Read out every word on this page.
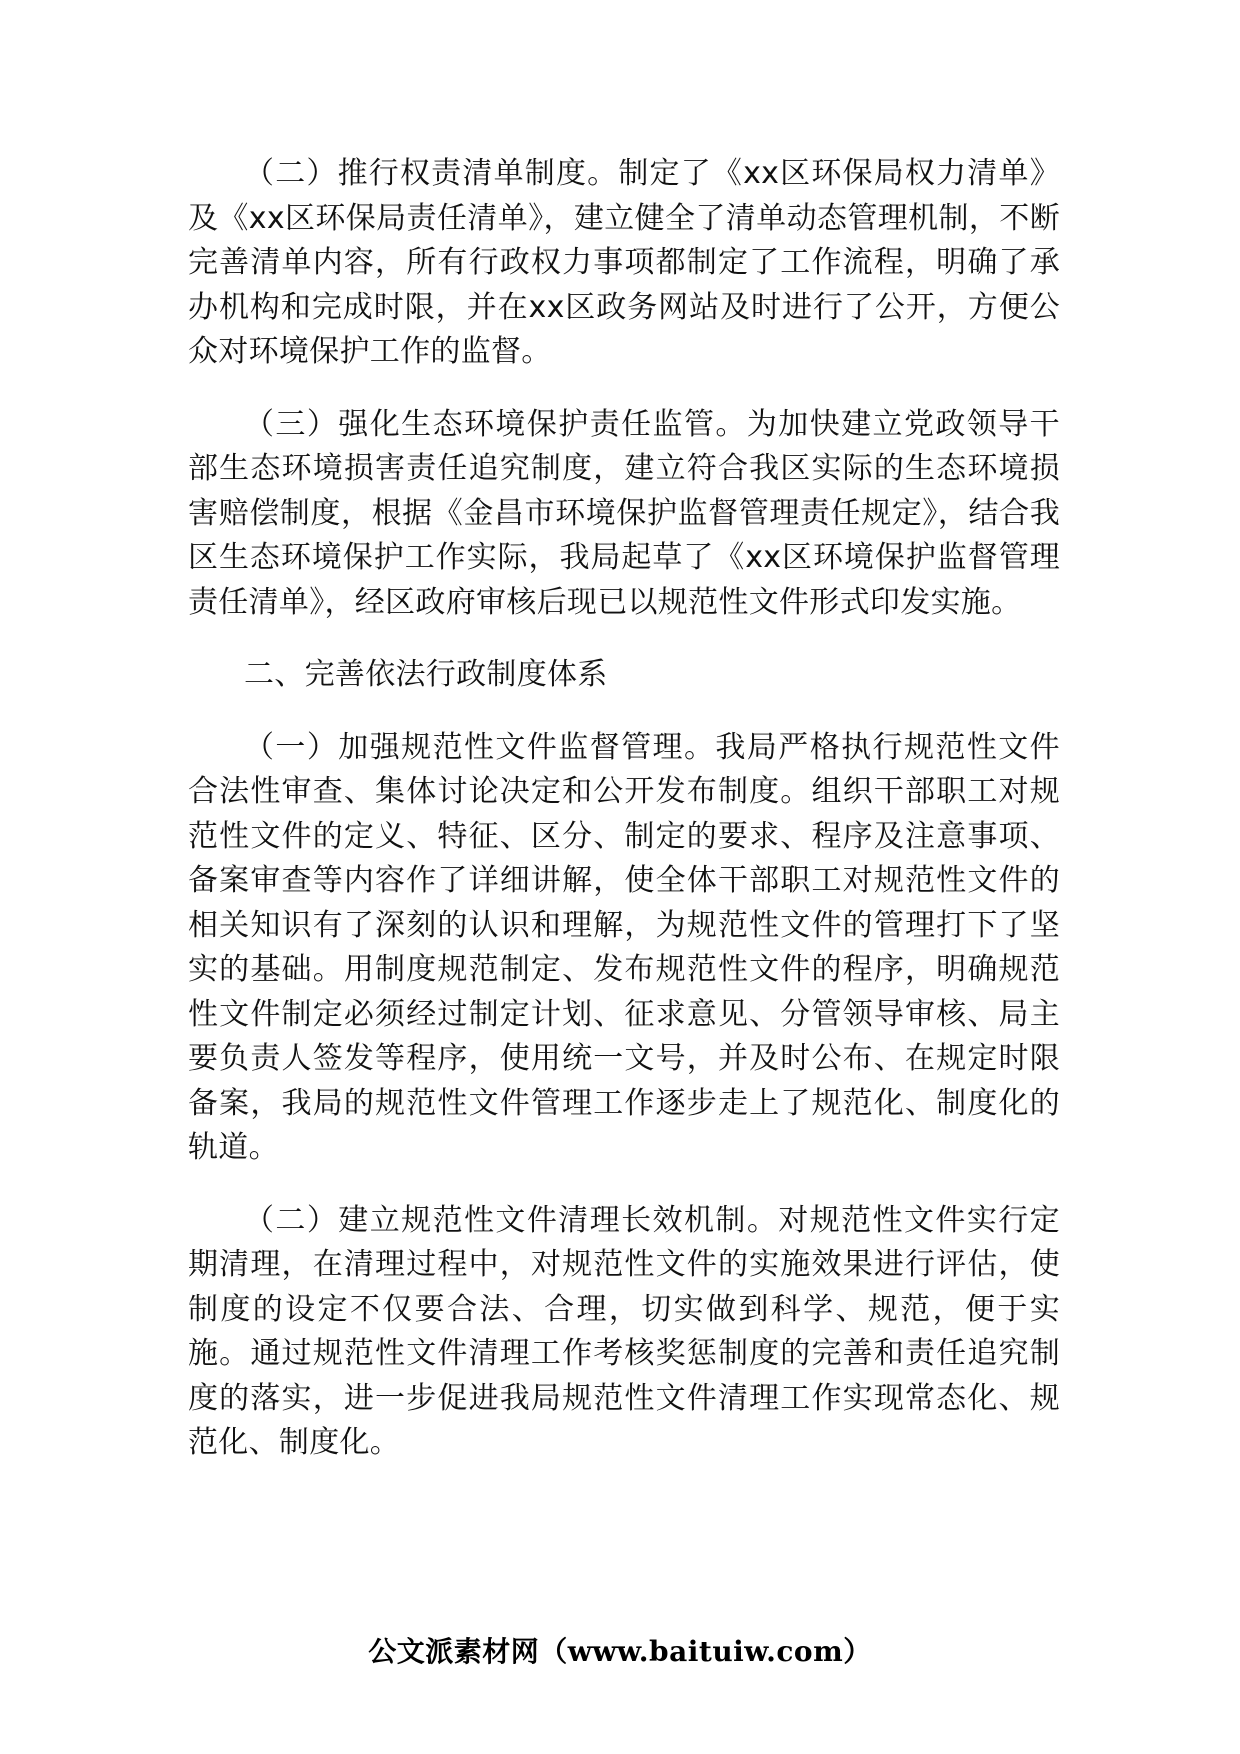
（二）推行权责清单制度。制定了《xx区环保局权力清单》及《xx区环保局责任清单》，建立健全了清单动态管理机制，不断完善清单内容，所有行政权力事项都制定了工作流程，明确了承办机构和完成时限，并在xx区政务网站及时进行了公开，方便公众对环境保护工作的监督。

（三）强化生态环境保护责任监管。为加快建立党政领导干部生态环境损害责任追究制度，建立符合我区实际的生态环境损害赔偿制度，根据《金昌市环境保护监督管理责任规定》，结合我区生态环境保护工作实际，我局起草了《xx区环境保护监督管理责任清单》，经区政府审核后现已以规范性文件形式印发实施。

二、完善依法行政制度体系

（一）加强规范性文件监督管理。我局严格执行规范性文件合法性审查、集体讨论决定和公开发布制度。组织干部职工对规范性文件的定义、特征、区分、制定的要求、程序及注意事项、备案审查等内容作了详细讲解，使全体干部职工对规范性文件的相关知识有了深刻的认识和理解，为规范性文件的管理打下了坚实的基础。用制度规范制定、发布规范性文件的程序，明确规范性文件制定必须经过制定计划、征求意见、分管领导审核、局主要负责人签发等程序，使用统一文号，并及时公布、在规定时限备案，我局的规范性文件管理工作逐步走上了规范化、制度化的轨道。

（二）建立规范性文件清理长效机制。对规范性文件实行定期清理，在清理过程中，对规范性文件的实施效果进行评估，使制度的设定不仅要合法、合理，切实做到科学、规范，便于实施。通过规范性文件清理工作考核奖惩制度的完善和责任追究制度的落实，进一步促进我局规范性文件清理工作实现常态化、规范化、制度化。

公文派素材网（www.baituiw.com）
